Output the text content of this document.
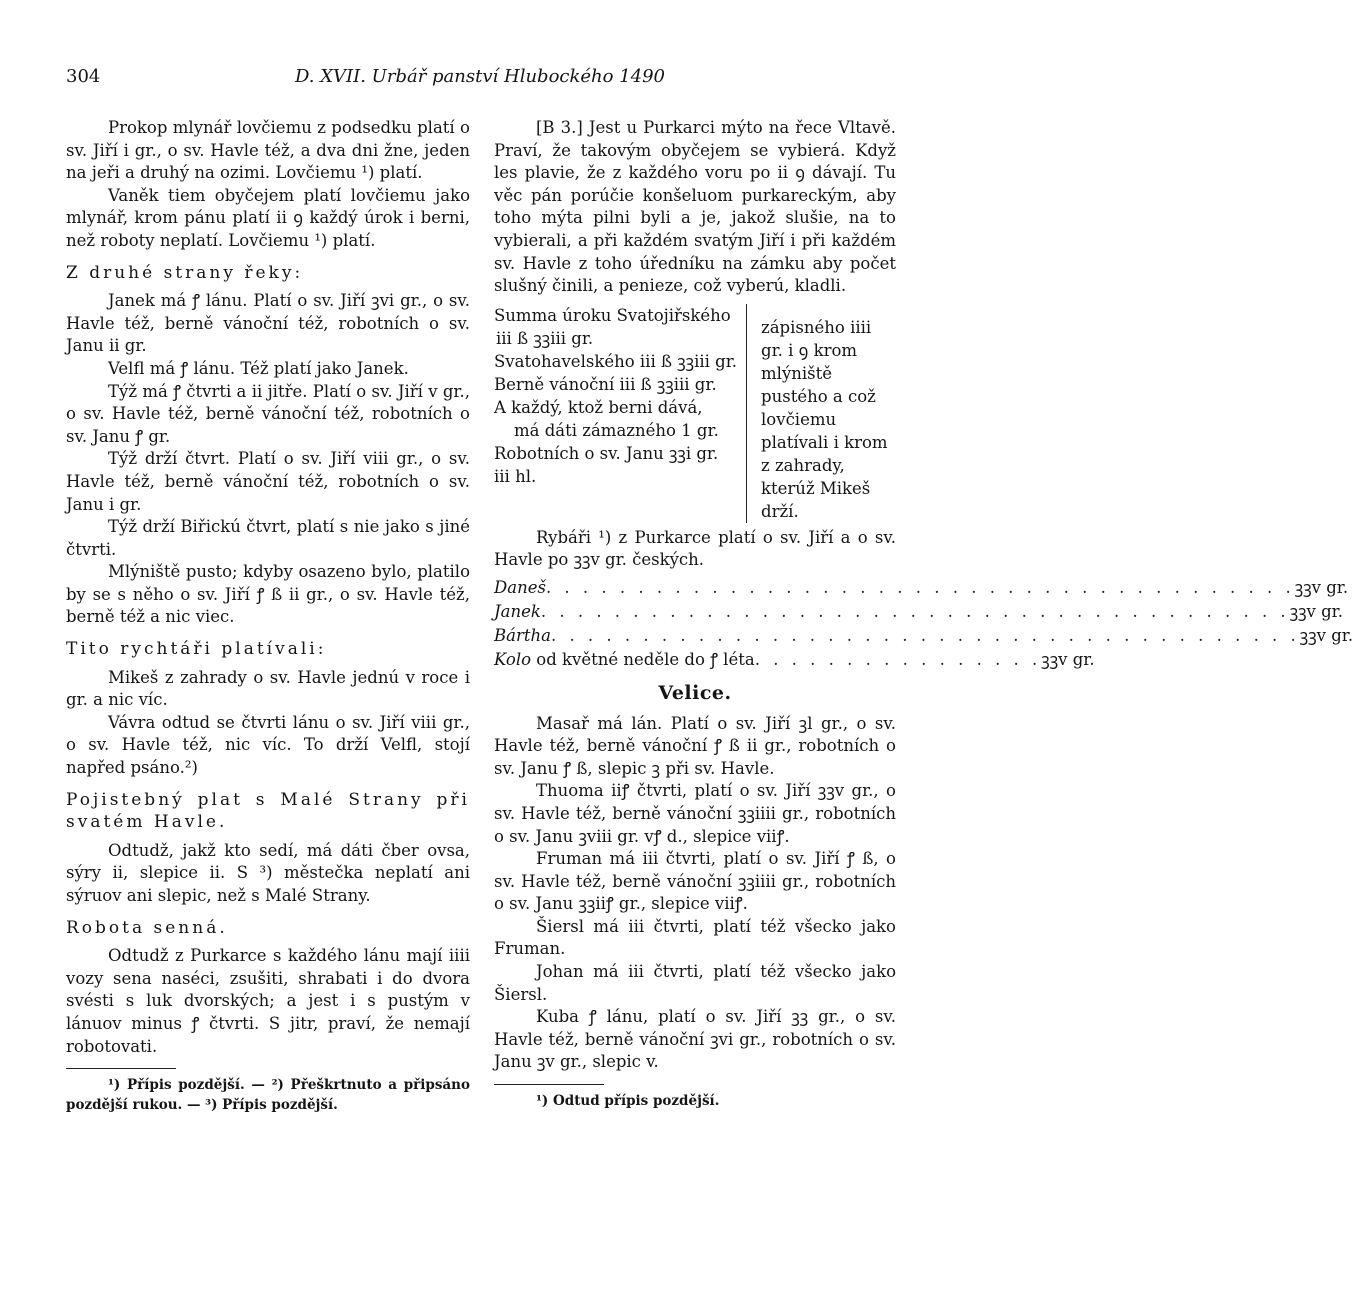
304	D. XVII. Urbář panství Hlubockého 1490

Prokop mlynář lovčiemu z podsedku platí o sv. Jiří i gr., o sv. Havle též, a dva dni žne, jeden na jeři a druhý na ozimi. Lovčiemu ¹) platí.

Vaněk tiem obyčejem platí lovčiemu jako mlynář, krom pánu platí ii ꝯ každý úrok i berni, než roboty neplatí. Lovčiemu ¹) platí.

Z druhé strany řeky:

Janek má ꝭ lánu. Platí o sv. Jiří ꝫvi gr., o sv. Havle též, berně vánoční též, robotních o sv. Janu ii gr.

Velfl má ꝭ lánu. Též platí jako Janek.

Týž má ꝭ čtvrti a ii jitře. Platí o sv. Jiří v gr., o sv. Havle též, berně vánoční též, robotních o sv. Janu ꝭ gr.

Týž drží čtvrt. Platí o sv. Jiří viii gr., o sv. Havle též, berně vánoční též, robotních o sv. Janu i gr.

Týž drží Biřickú čtvrt, platí s nie jako s jiné čtvrti.

Mlýniště pusto; kdyby osazeno bylo, platilo by se s něho o sv. Jiří ꝭ ß ii gr., o sv. Havle též, berně též a nic viec.

Tito rychtáři platívali:

Mikeš z zahrady o sv. Havle jednú v roce i gr. a nic víc.

Vávra odtud se čtvrti lánu o sv. Jiří viii gr., o sv. Havle též, nic víc. To drží Velfl, stojí napřed psáno.²)

Pojistebný plat s Malé Strany při svatém Havle.

Odtudž, jakž kto sedí, má dáti čber ovsa, sýry ii, slepice ii. S ³) městečka neplatí ani sýruov ani slepic, než s Malé Strany.

Robota senná.

Odtudž z Purkarce s každého lánu mají iiii vozy sena naséci, zsušiti, shrabati i do dvora svésti s luk dvorských; a jest i s pustým v lánuov minus ꝭ čtvrti. S jitr, praví, že nemají robotovati.

¹) Přípis pozdější. — ²) Přeškrtnuto a připsáno pozdější rukou. — ³) Přípis pozdější.

[B 3.] Jest u Purkarci mýto na řece Vltavě. Praví, že takovým obyčejem se vybierá. Když les plavie, že z každého voru po ii ꝯ dávají. Tu věc pán porúčie konšeluom purkareckým, aby toho mýta pilni byli a je, jakož slušie, na to vybierali, a při každém svatým Jiří i při každém sv. Havle z toho úředníku na zámku aby počet slušný činili, a penieze, což vyberú, kladli.

Summa úroku Svatojiřského

iii ß ꝫꝫiii gr.

Svatohavelského iii ß ꝫꝫiii gr.

Berně vánoční iii ß ꝫꝫiii gr.

A každý, ktož berni dává,

má dáti zámazného 1 gr.

Robotních o sv. Janu ꝫꝫi gr.

iii hl.

zápisného iiii gr. i ꝯ krom mlýniště pustého a což lovčiemu platívali i krom z zahrady, kterúž Mikeš drží.

Rybáři ¹) z Purkarce platí o sv. Jiří a o sv. Havle po ꝫꝫv gr. českých.

Daneš . . . . . . . . . . . . . . . . . . . . . . . . . . . . . . . . . . . . . . . . . ꝫꝫv gr.
Janek . . . . . . . . . . . . . . . . . . . . . . . . . . . . . . . . . . . . . . . . . ꝫꝫv gr.
Bártha . . . . . . . . . . . . . . . . . . . . . . . . . . . . . . . . . . . . . . . . . ꝫꝫv gr.
Kolo od květné neděle do ꝭ léta . . . . . . . . . . . . . . . . ꝫꝫv gr.

Velice.

Masař má lán. Platí o sv. Jiří ꝫl gr., o sv. Havle též, berně vánoční ꝭ ß ii gr., robotních o sv. Janu ꝭ ß, slepic ꝫ při sv. Havle.

Thuoma iiꝭ čtvrti, platí o sv. Jiří ꝫꝫv gr., o sv. Havle též, berně vánoční ꝫꝫiiii gr., robotních o sv. Janu ꝫviii gr. vꝭ d., slepice viiꝭ.

Fruman má iii čtvrti, platí o sv. Jiří ꝭ ß, o sv. Havle též, berně vánoční ꝫꝫiiii gr., robotních o sv. Janu ꝫꝫiiꝭ gr., slepice viiꝭ.

Šiersl má iii čtvrti, platí též všecko jako Fruman.

Johan má iii čtvrti, platí též všecko jako Šiersl.

Kuba ꝭ lánu, platí o sv. Jiří ꝫꝫ gr., o sv. Havle též, berně vánoční ꝫvi gr., robotních o sv. Janu ꝫv gr., slepic v.

¹) Odtud přípis pozdější.
